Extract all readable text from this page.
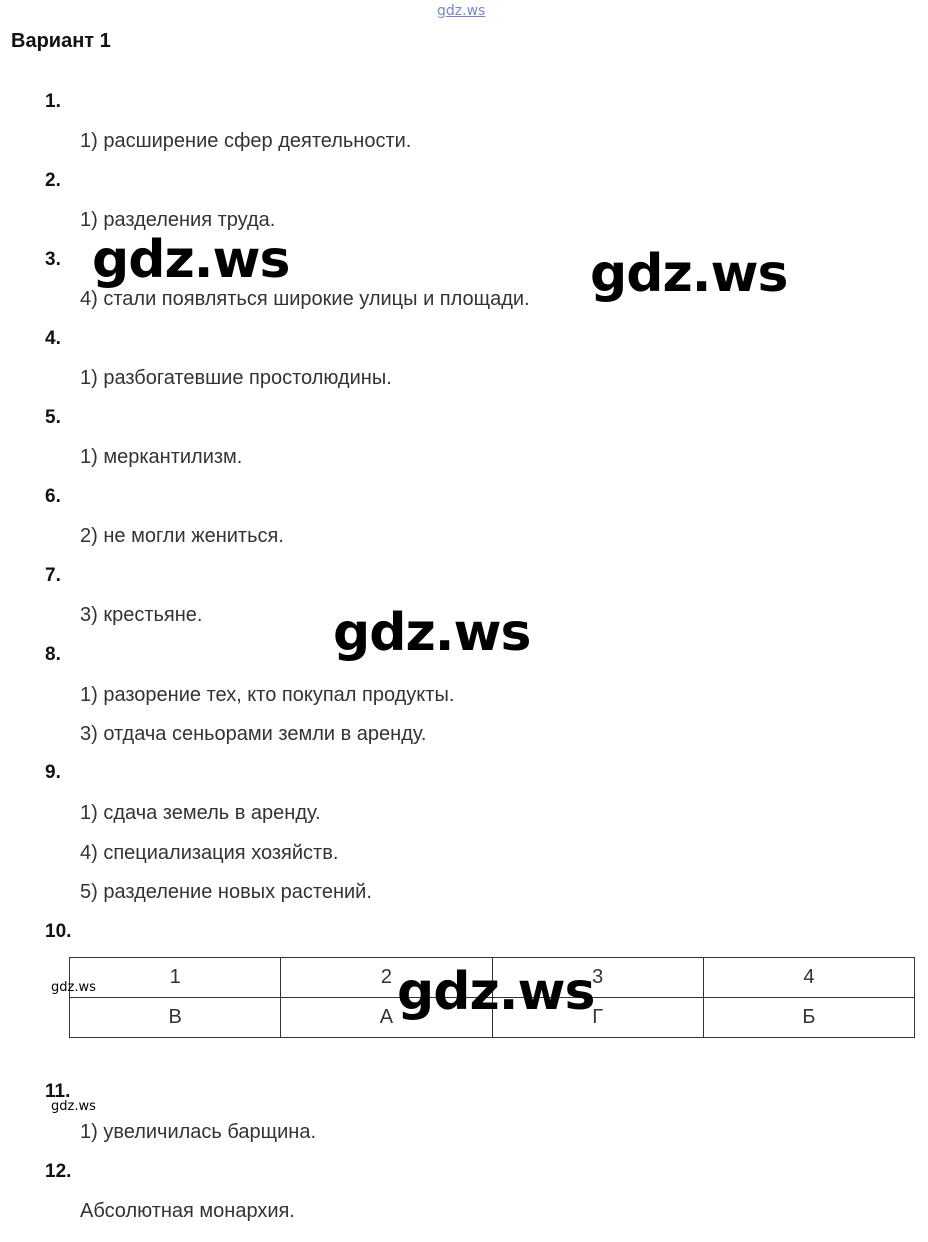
gdz.ws
Вариант 1
1.
1) расширение сфер деятельности.
2.
1) разделения труда.
3.
4) стали появляться широкие улицы и площади.
4.
1) разбогатевшие простолюдины.
5.
1) меркантилизм.
6.
2) не могли жениться.
7.
3) крестьяне.
8.
1) разорение тех, кто покупал продукты.
3) отдача сеньорами земли в аренду.
9.
1) сдача земель в аренду.
4) специализация хозяйств.
5) разделение новых растений.
10.
1	2	3	4
В	А	Г	Б
11.
1) увеличилась барщина.
12.
Абсолютная монархия.
gdz.ws	gdz.ws
gdz.ws
gdz.ws
gdz.ws
gdz.ws
